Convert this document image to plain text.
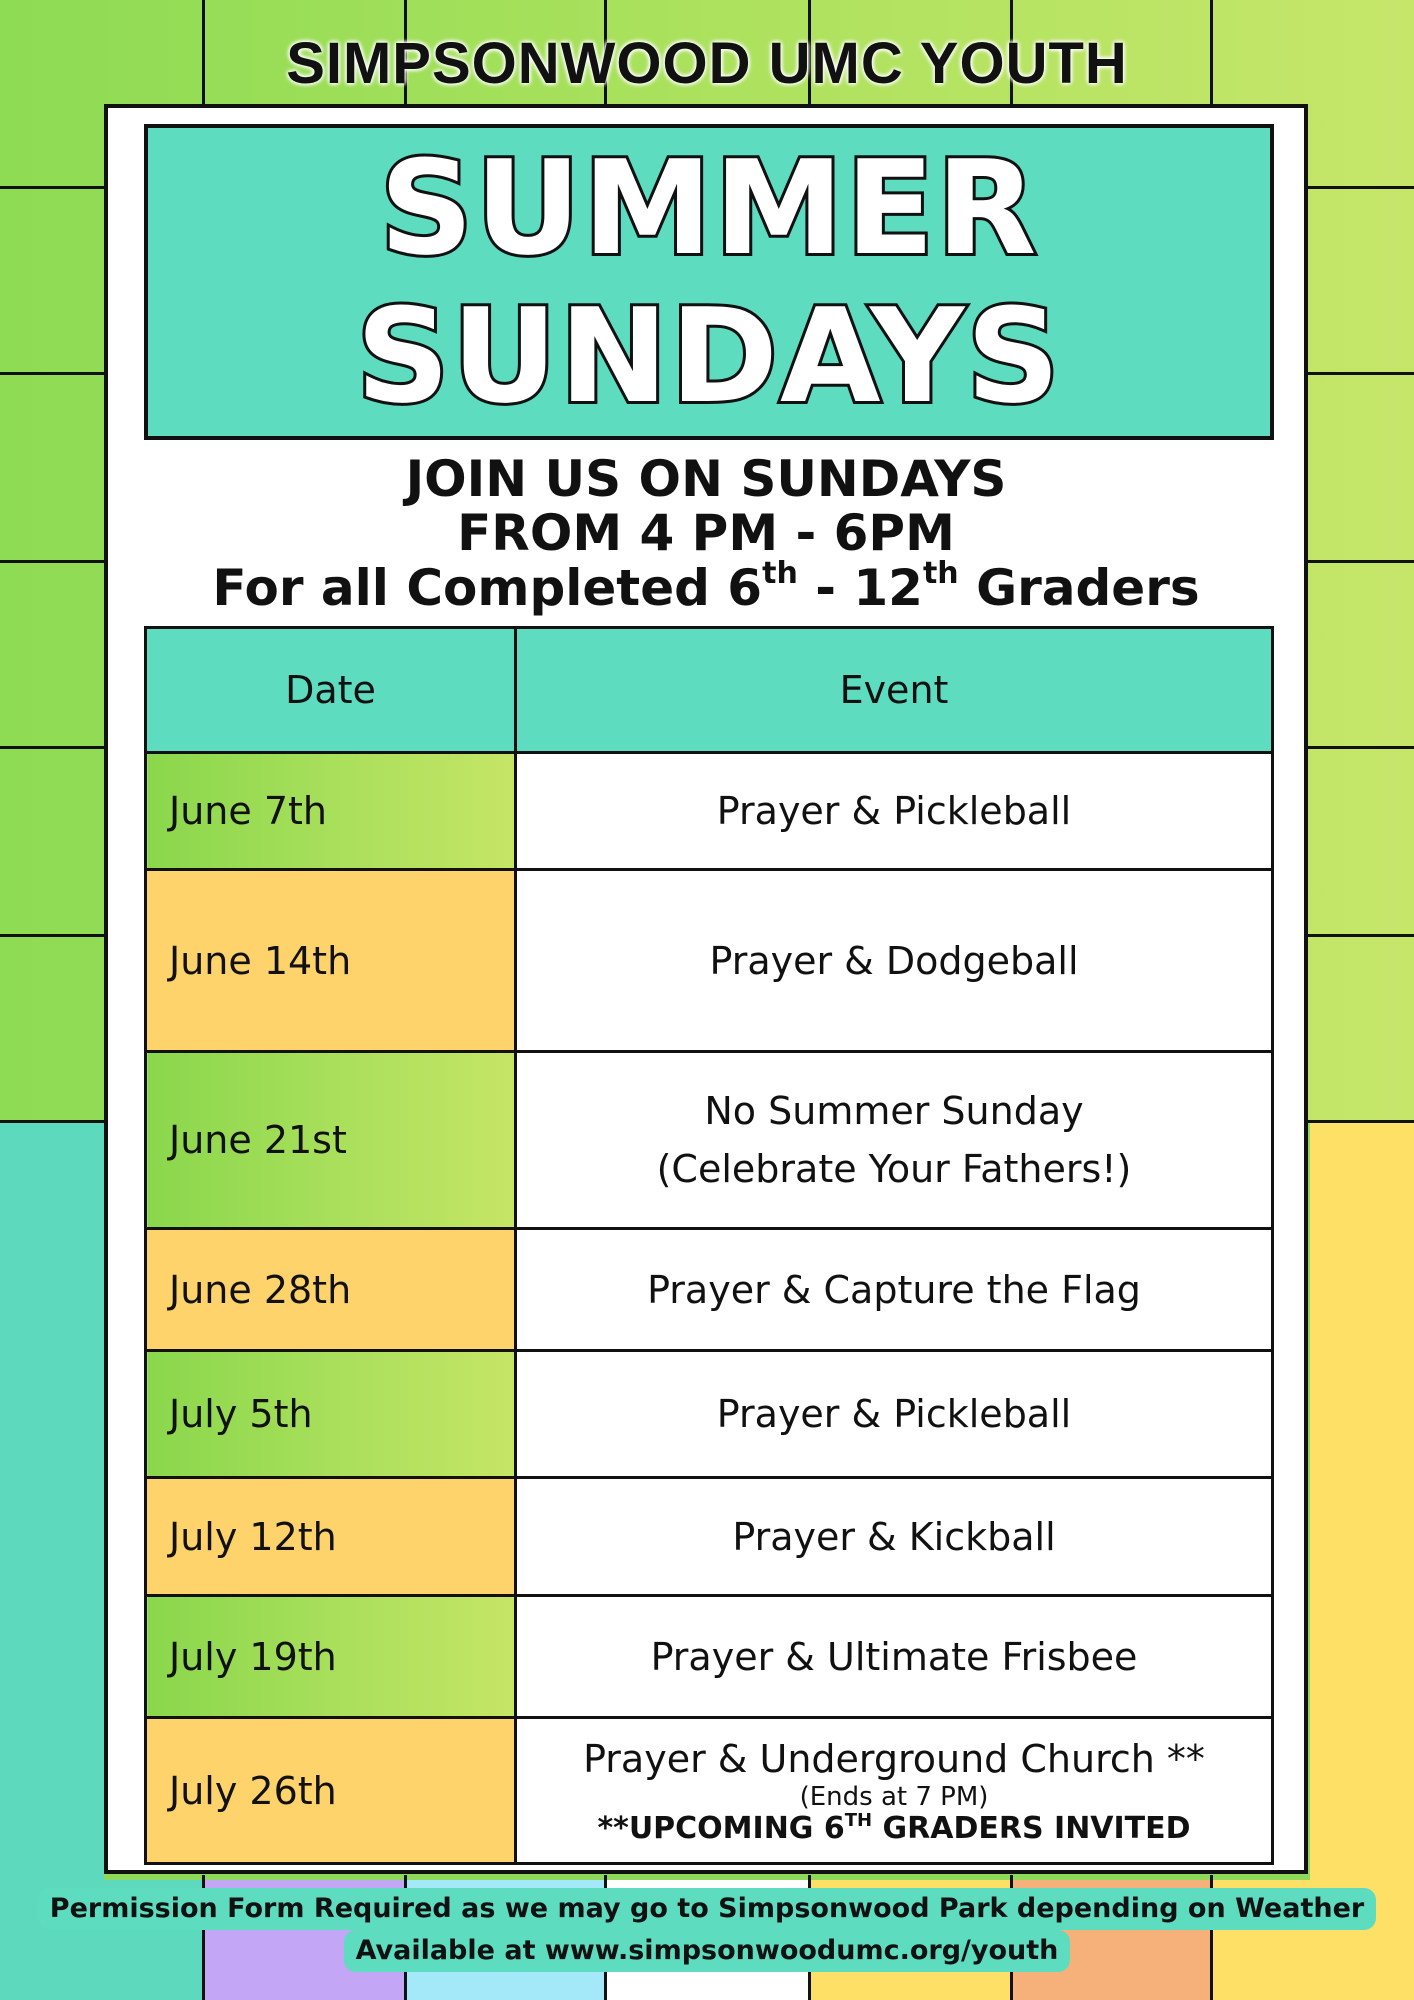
SIMPSONWOOD UMC YOUTH
SUMMER
SUNDAYS
JOIN US ON SUNDAYS
FROM 4 PM - 6PM
For all Completed 6th - 12th Graders
Date	Event
June 7th	Prayer & Pickleball
June 14th	Prayer & Dodgeball
June 21st	No Summer Sunday
(Celebrate Your Fathers!)

June 28th	Prayer & Capture the Flag
July 5th	Prayer & Pickleball
July 12th	Prayer & Kickball
July 19th	Prayer & Ultimate Frisbee
July 26th	Prayer & Underground Church **
(Ends at 7 PM)
**UPCOMING 6TH GRADERS INVITED
Permission Form Required as we may go to Simpsonwood Park depending on Weather
Available at www.simpsonwoodumc.org/youth
